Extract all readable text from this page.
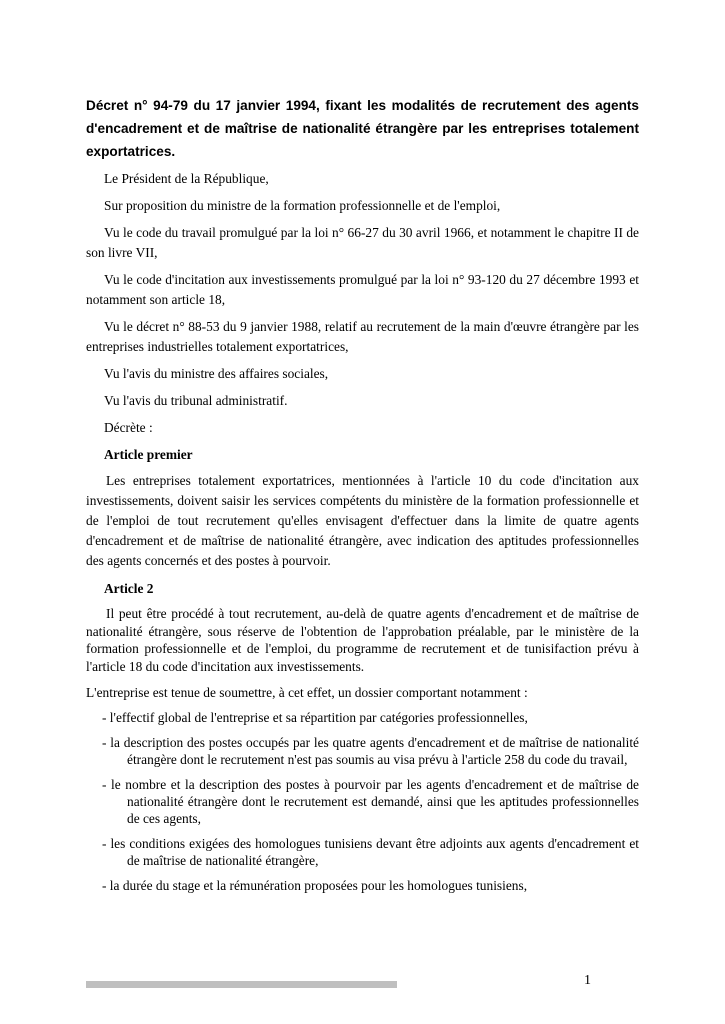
Décret n° 94-79 du 17 janvier 1994, fixant les modalités de recrutement des agents d'encadrement et de maîtrise de nationalité étrangère par les entreprises totalement exportatrices.

Le Président de la République,

Sur proposition du ministre de la formation professionnelle et de l'emploi,

Vu le code du travail promulgué par la loi n° 66-27 du 30 avril 1966, et notamment le chapitre II de son livre VII,

Vu le code d'incitation aux investissements promulgué par la loi n° 93-120 du 27 décembre 1993 et notamment son article 18,

Vu le décret n° 88-53 du 9 janvier 1988, relatif au recrutement de la main d'œuvre étrangère par les entreprises industrielles totalement exportatrices,

Vu l'avis du ministre des affaires sociales,

Vu l'avis du tribunal administratif.

Décrète :

Article premier

Les entreprises totalement exportatrices, mentionnées à l'article 10 du code d'incitation aux investissements, doivent saisir les services compétents du ministère de la formation professionnelle et de l'emploi de tout recrutement qu'elles envisagent d'effectuer dans la limite de quatre agents d'encadrement et de maîtrise de nationalité étrangère, avec indication des aptitudes professionnelles des agents concernés et des postes à pourvoir.

Article 2

Il peut être procédé à tout recrutement, au-delà de quatre agents d'encadrement et de maîtrise de nationalité étrangère, sous réserve de l'obtention de l'approbation préalable, par le ministère de la formation professionnelle et de l'emploi, du programme de recrutement et de tunisifaction prévu à l'article 18 du code d'incitation aux investissements.

L'entreprise est tenue de soumettre, à cet effet, un dossier comportant notamment :

- l'effectif global de l'entreprise et sa répartition par catégories professionnelles,

- la description des postes occupés par les quatre agents d'encadrement et de maîtrise de nationalité étrangère dont le recrutement n'est pas soumis au visa prévu à l'article 258 du code du travail,

- le nombre et la description des postes à pourvoir par les agents d'encadrement et de maîtrise de nationalité étrangère dont le recrutement est demandé, ainsi que les aptitudes professionnelles de ces agents,

- les conditions exigées des homologues tunisiens devant être adjoints aux agents d'encadrement et de maîtrise de nationalité étrangère,

- la durée du stage et la rémunération proposées pour les homologues tunisiens,

1
